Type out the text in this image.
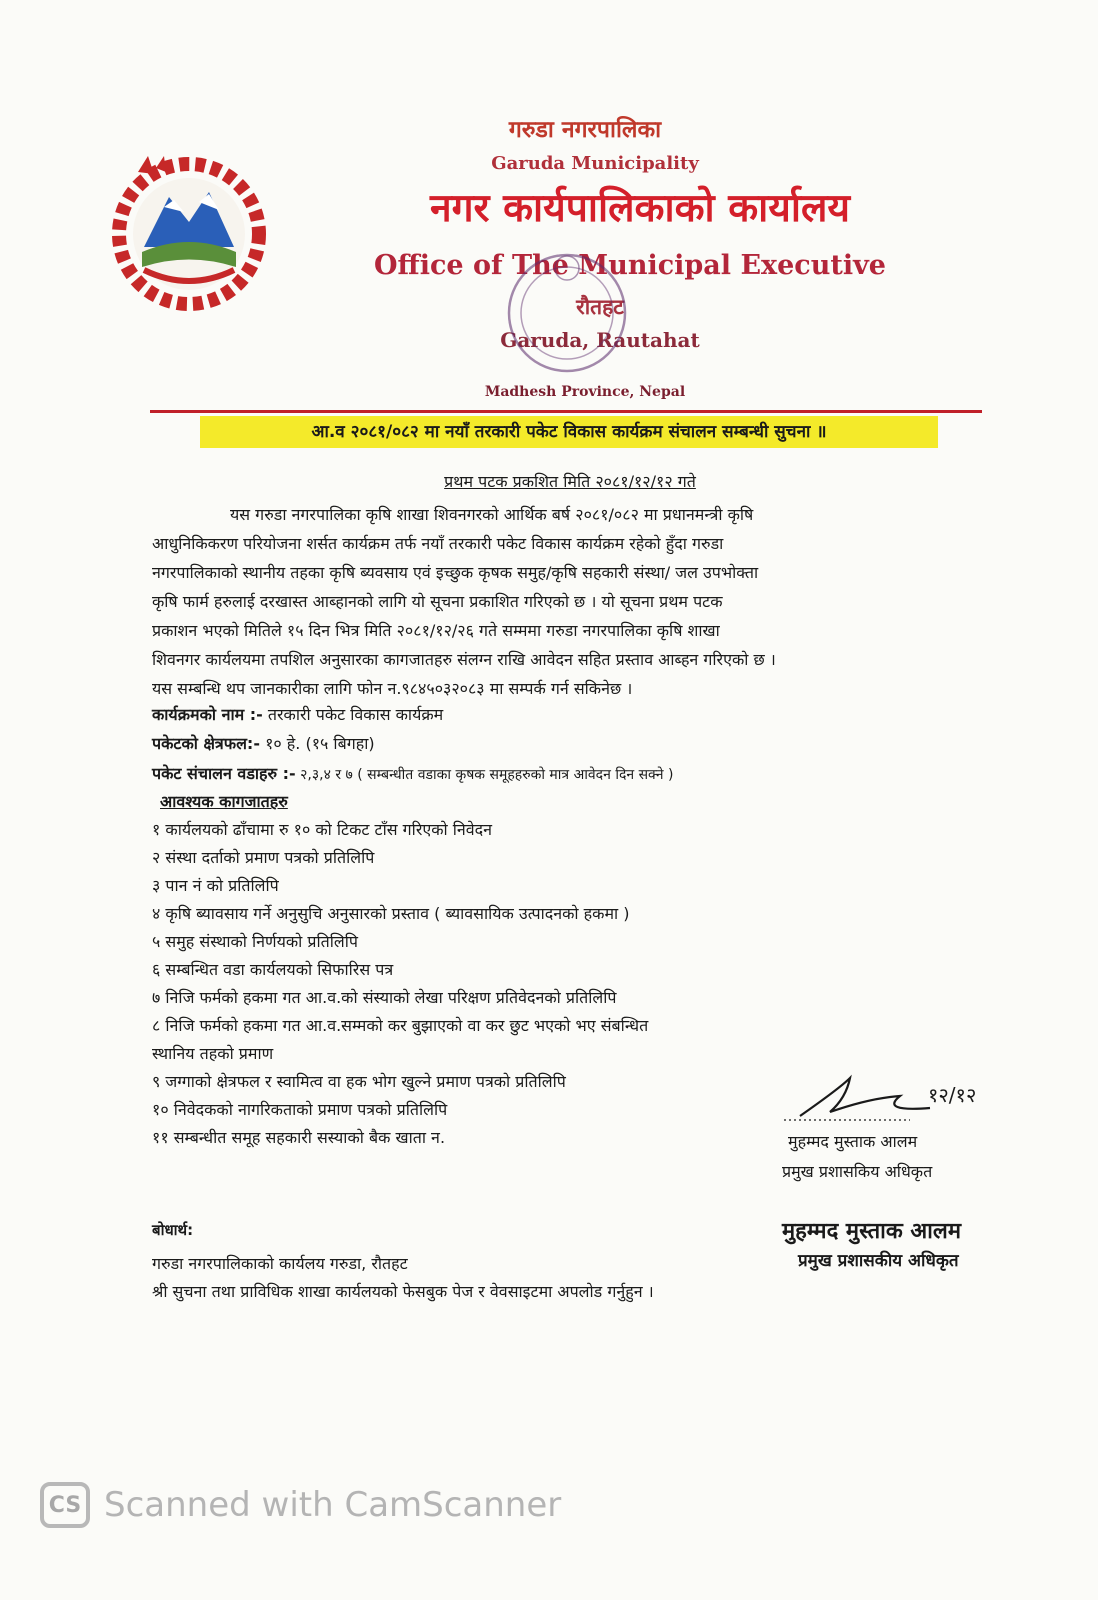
गरुडा नगरपालिका
Garuda Municipality
नगर कार्यपालिकाको कार्यालय
Office of The Municipal Executive
रौतहट
Garuda, Rautahat
Madhesh Province, Nepal
आ.व २०८१/०८२ मा नयाँ तरकारी पकेट विकास कार्यक्रम संचालन सम्बन्धी सुचना ॥
प्रथम पटक प्रकशित मिति २०८१/१२/१२ गते
यस गरुडा नगरपालिका कृषि शाखा शिवनगरको आर्थिक बर्ष २०८१/०८२ मा प्रधानमन्त्री कृषि
आधुनिकिकरण परियोजना शर्सत कार्यक्रम तर्फ नयाँ तरकारी पकेट विकास कार्यक्रम रहेको हुँदा गरुडा
नगरपालिकाको स्थानीय तहका कृषि ब्यवसाय एवं इच्छुक कृषक समुह/कृषि सहकारी संस्था/ जल उपभोक्ता
कृषि फार्म हरुलाई दरखास्त आब्हानको लागि यो सूचना प्रकाशित गरिएको छ । यो सूचना प्रथम पटक
प्रकाशन भएको मितिले १५ दिन भित्र मिति २०८१/१२/२६ गते सम्ममा गरुडा नगरपालिका कृषि शाखा
शिवनगर कार्यलयमा तपशिल अनुसारका कागजातहरु संलग्न राखि आवेदन सहित प्रस्ताव आब्हन गरिएको छ ।
यस सम्बन्धि थप जानकारीका लागि फोन न.९८४५०३२०८३ मा सम्पर्क गर्न सकिनेछ ।
कार्यक्रमको नाम :- तरकारी पकेट विकास कार्यक्रम
पकेटको क्षेत्रफल:- १० हे. (१५ बिगहा)
पकेट संचालन वडाहरु :- २,३,४ र ७ ( सम्बन्धीत वडाका कृषक समूहहरुको मात्र आवेदन दिन सक्ने )
आवश्यक कागजातहरु
१ कार्यलयको ढाँचामा रु १० को टिकट टाँस गरिएको निवेदन
२ संस्था दर्ताको प्रमाण पत्रको प्रतिलिपि
३ पान नं को प्रतिलिपि
४ कृषि ब्यावसाय गर्ने अनुसुचि अनुसारको प्रस्ताव ( ब्यावसायिक उत्पादनको हकमा )
५ समुह संस्थाको निर्णयको प्रतिलिपि
६ सम्बन्धित वडा कार्यलयको सिफारिस पत्र
७ निजि फर्मको हकमा गत आ.व.को संस्याको लेखा परिक्षण प्रतिवेदनको प्रतिलिपि
८ निजि फर्मको हकमा गत आ.व.सम्मको कर बुझाएको वा कर छुट भएको भए संबन्धित
स्थानिय तहको प्रमाण
९ जग्गाको क्षेत्रफल र स्वामित्व वा हक भोग खुल्ने प्रमाण पत्रको प्रतिलिपि
१० निवेदकको नागरिकताको प्रमाण पत्रको प्रतिलिपि
११ सम्बन्धीत समूह सहकारी सस्याको बैक खाता न.
१२/१२
मुहम्मद मुस्ताक आलम
प्रमुख प्रशासकिय अधिकृत
बोधार्थ:	मुहम्मद मुस्ताक आलम
प्रमुख प्रशासकीय अधिकृत
गरुडा नगरपालिकाको कार्यलय गरुडा, रौतहट
श्री सुचना तथा प्राविधिक शाखा कार्यलयको फेसबुक पेज र वेवसाइटमा अपलोड गर्नुहुन ।
CS Scanned with CamScanner
